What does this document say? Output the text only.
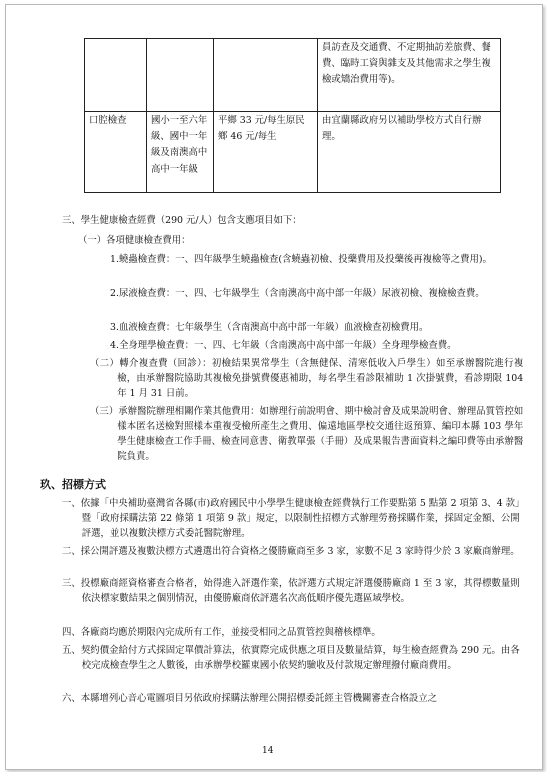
			員訪查及交通費、不定期抽訪差旅費、餐費、臨時工資與雜支及其他需求之學生複檢或矯治費用等)。
口腔檢查	國小一至六年級、國中一年級及南澳高中高中一年級	平鄉 33 元/每生原民鄉 46 元/每生	由宜蘭縣政府另以補助學校方式自行辦理。
三、學生健康檢查經費（290 元/人）包含支應項目如下：
（一）各項健康檢查費用：
1.蟯蟲檢查費：一、四年級學生蟯蟲檢查(含蟯蟲初檢、投藥費用及投藥後再複檢等之費用)。
2.尿液檢查費：一、四、七年級學生（含南澳高中高中部一年級）尿液初檢、複檢檢查費。
3.血液檢查費：七年級學生（含南澳高中高中部一年級）血液檢查初檢費用。
4.全身理學檢查費：一、四、七年級（含南澳高中高中部一年級）全身理學檢查費。
（二）轉介複查費（回診）：初檢結果異常學生（含無健保、清寒低收入戶學生）如至承辦醫院進行複檢，由承辦醫院協助其複檢免掛號費優惠補助，每名學生看診限補助 1 次掛號費，看診期限 104 年 1 月 31 日前。
（三）承辦醫院辦理相關作業其他費用：如辦理行前說明會、期中檢討會及成果說明會、辦理品質管控如樣本匿名送檢對照樣本重複受檢所產生之費用、偏遠地區學校交通往返預算、編印本縣 103 學年學生健康檢查工作手冊、檢查同意書、衛教單張（手冊）及成果報告書面資料之編印費等由承辦醫院負責。
玖、招標方式
一、依據「中央補助臺灣省各縣(市)政府國民中小學學生健康檢查經費執行工作要點第 5 點第 2 項第 3、4 款」暨「政府採購法第 22 條第 1 項第 9 款」規定，以限制性招標方式辦理勞務採購作業，採固定金額、公開評選，並以複數決標方式委託醫院辦理。
二、採公開評選及複數決標方式遴選出符合資格之優勝廠商至多 3 家，家數不足 3 家時得少於 3 家廠商辦理。
三、投標廠商經資格審查合格者，始得進入評選作業，依評選方式規定評選優勝廠商 1 至 3 家，其得標數量則依決標家數結果之個別情況，由優勝廠商依評選名次高低順序優先選區域學校。
四、各廠商均應於期限內完成所有工作，並接受相同之品質管控與稽核標準。
五、契約價金給付方式採固定單價計算法，依實際完成供應之項目及數量結算，每生檢查經費為 290 元。由各校完成檢查學生之人數後，由承辦學校羅東國小依契約驗收及付款規定辦理撥付廠商費用。
六、本縣增列心音心電圖項目另依政府採購法辦理公開招標委託經主管機關審查合格設立之
14
